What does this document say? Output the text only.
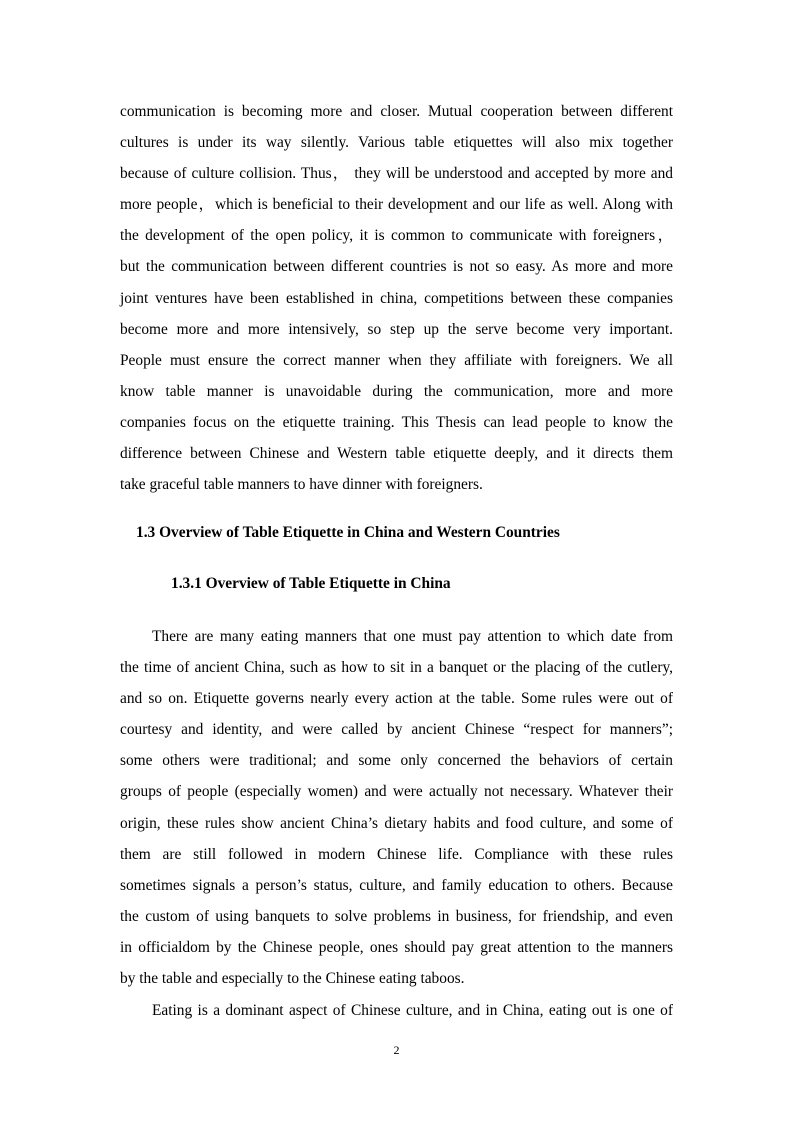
communication is becoming more and closer. Mutual cooperation between different
cultures is under its way silently. Various table etiquettes will also mix together
because of culture collision. Thus， they will be understood and accepted by more and
more people，which is beneficial to their development and our life as well. Along with
the development of the open policy, it is common to communicate with foreigners，
but the communication between different countries is not so easy. As more and more
joint ventures have been established in china, competitions between these companies
become more and more intensively, so step up the serve become very important.
People must ensure the correct manner when they affiliate with foreigners. We all
know table manner is unavoidable during the communication, more and more
companies focus on the etiquette training. This Thesis can lead people to know the
difference between Chinese and Western table etiquette deeply, and it directs them
take graceful table manners to have dinner with foreigners.
1.3 Overview of Table Etiquette in China and Western Countries
1.3.1 Overview of Table Etiquette in China
There are many eating manners that one must pay attention to which date from
the time of ancient China, such as how to sit in a banquet or the placing of the cutlery,
and so on. Etiquette governs nearly every action at the table. Some rules were out of
courtesy and identity, and were called by ancient Chinese “respect for manners”;
some others were traditional; and some only concerned the behaviors of certain
groups of people (especially women) and were actually not necessary. Whatever their
origin, these rules show ancient China’s dietary habits and food culture, and some of
them are still followed in modern Chinese life. Compliance with these rules
sometimes signals a person’s status, culture, and family education to others. Because
the custom of using banquets to solve problems in business, for friendship, and even
in officialdom by the Chinese people, ones should pay great attention to the manners
by the table and especially to the Chinese eating taboos.
Eating is a dominant aspect of Chinese culture, and in China, eating out is one of
2
